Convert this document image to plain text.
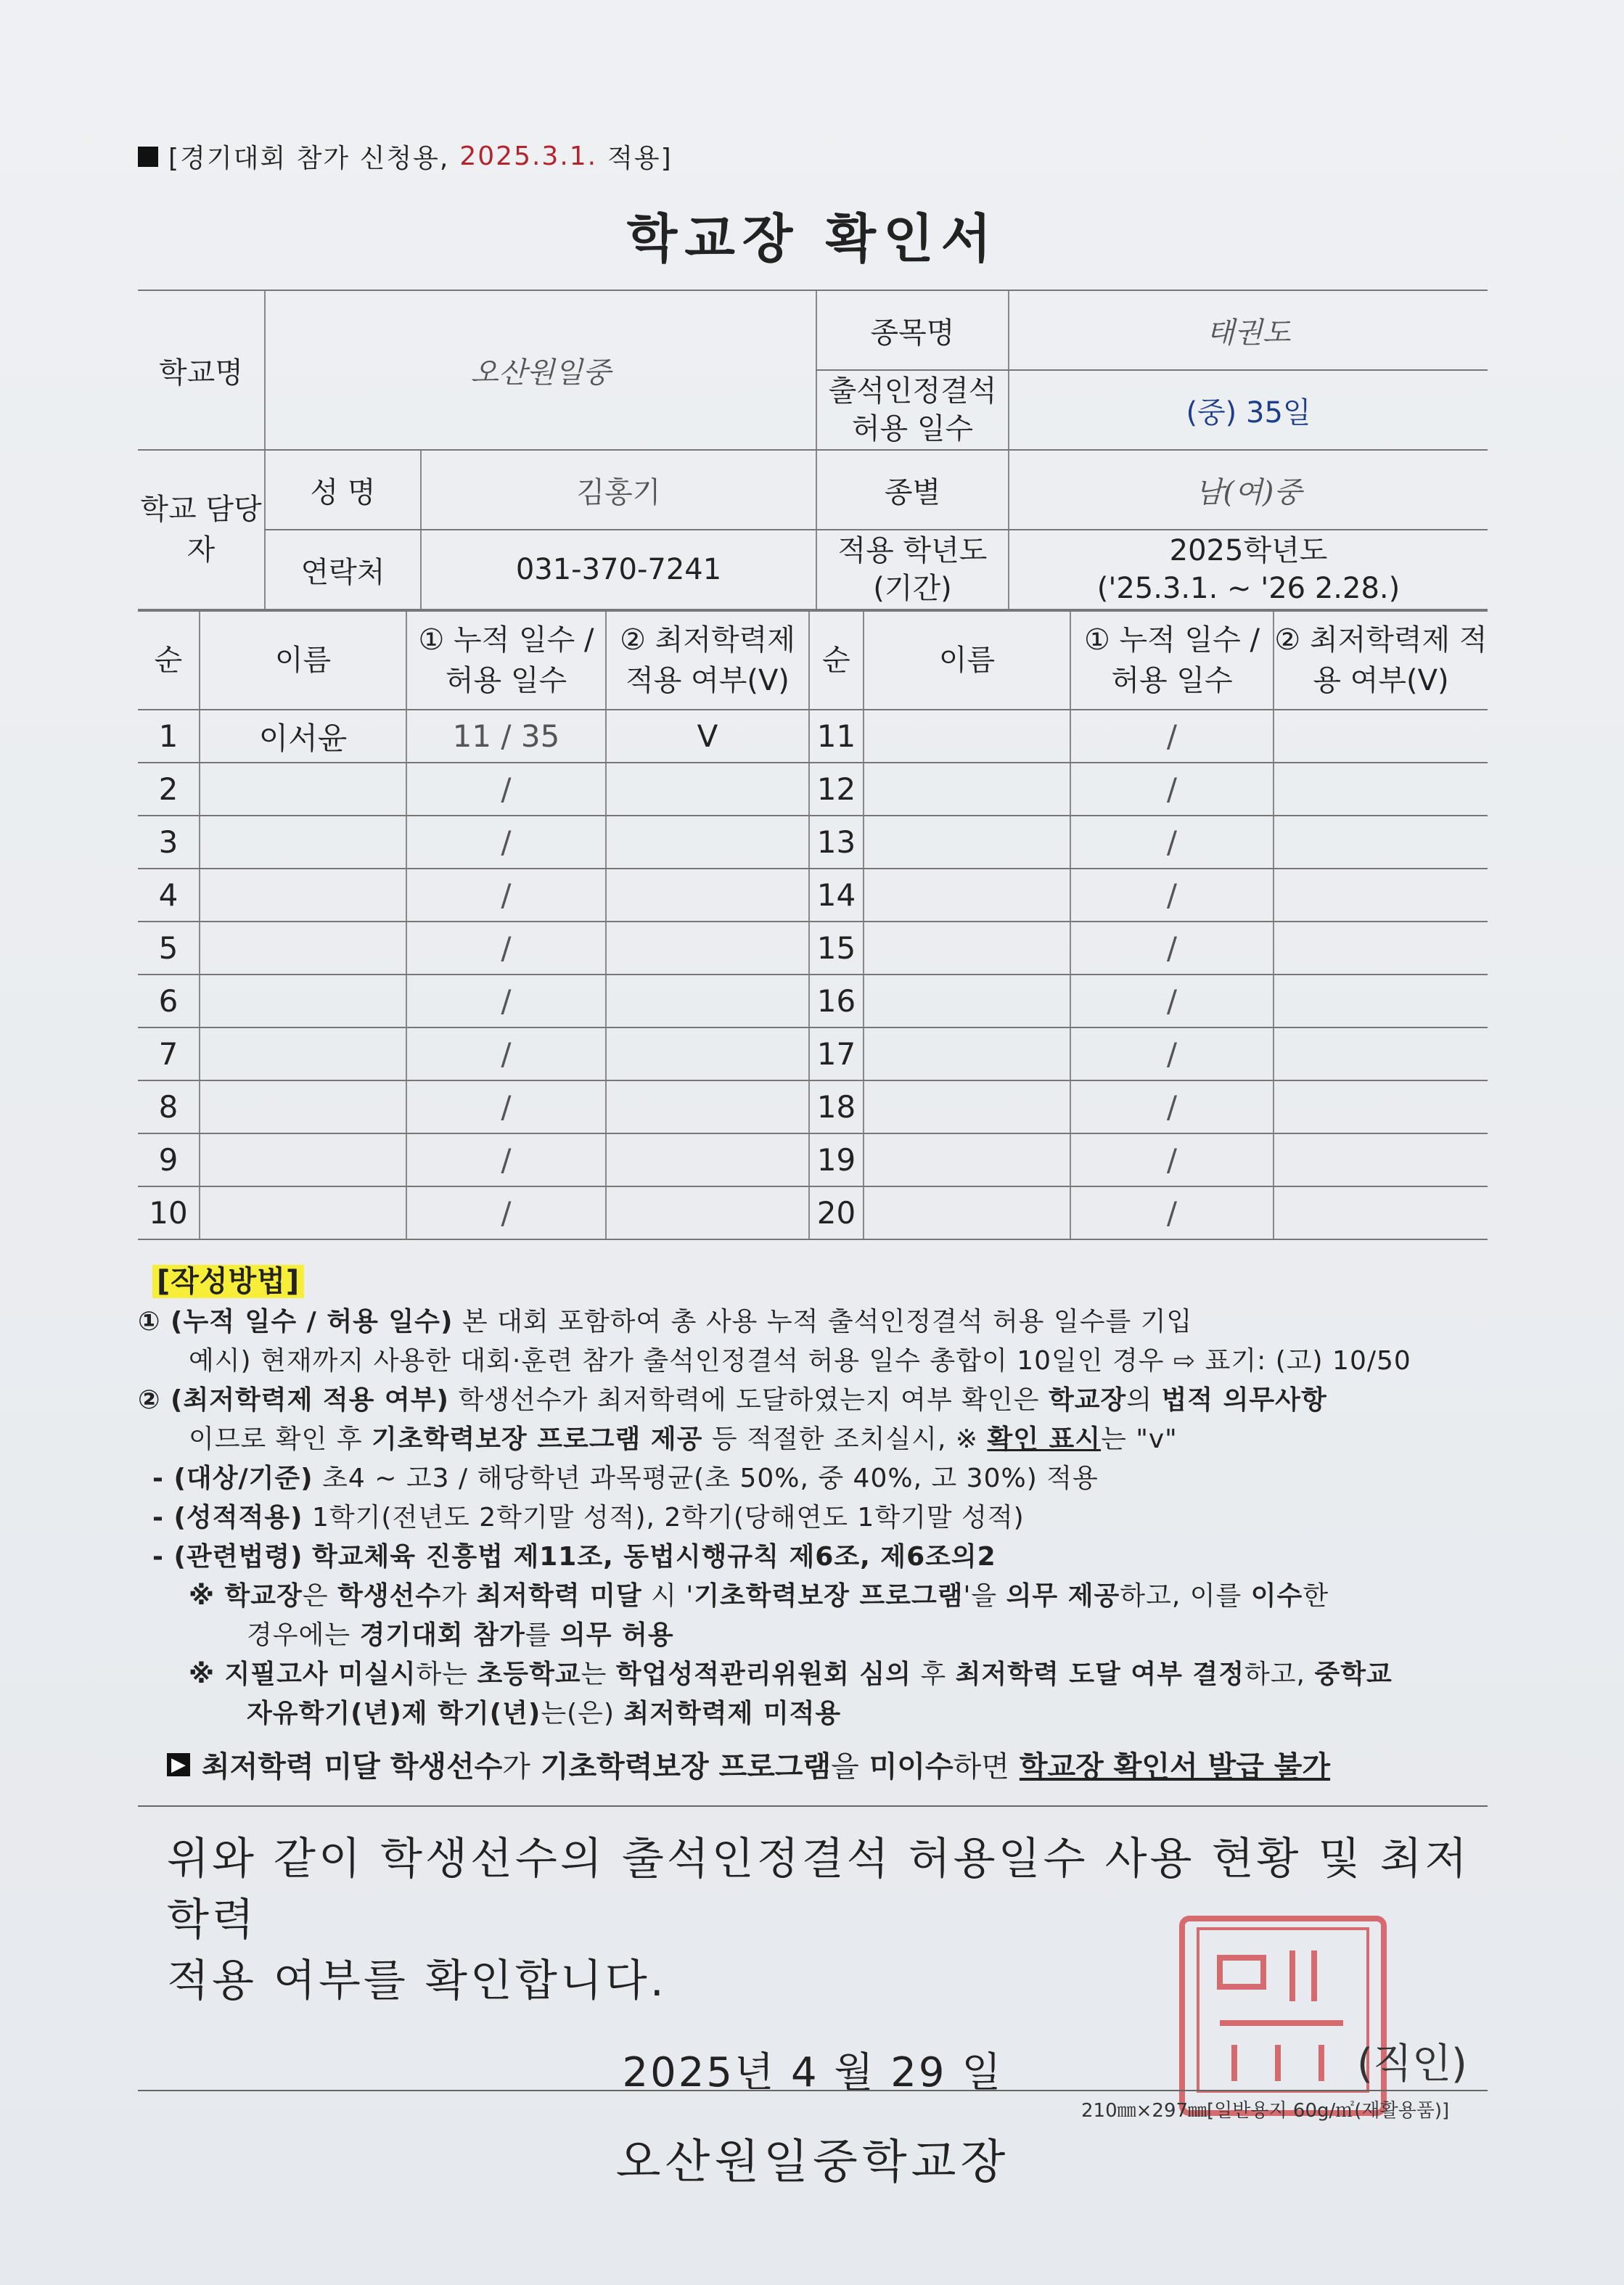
[경기대회 참가 신청용, 2025.3.1. 적용]
학교장 확인서
학교명	오산원일중		종목명	태권도
			출석인정결석 허용 일수	(중) 35일
학교 담당자	성 명	김홍기	종별	남(여)중
	연락처	031-370-7241	적용 학년도 (기간)	2025학년도
('25.3.1. ~ '26 2.28.)
순	이름	① 누적 일수 / 허용 일수	② 최저학력제 적용 여부(V)	순	이름	① 누적 일수 / 허용 일수	② 최저학력제 적용 여부(V)
1	이서윤	11 / 35	V	11		/	
2		/		12		/	
3		/		13		/	
4		/		14		/	
5		/		15		/	
6		/		16		/	
7		/		17		/	
8		/		18		/	
9		/		19		/	
10		/		20		/	
[작성방법]
① (누적 일수 / 허용 일수) 본 대회 포함하여 총 사용 누적 출석인정결석 허용 일수를 기입
예시) 현재까지 사용한 대회·훈련 참가 출석인정결석 허용 일수 총합이 10일인 경우 ⇨ 표기: (고) 10/50
② (최저학력제 적용 여부) 학생선수가 최저학력에 도달하였는지 여부 확인은 학교장의 법적 의무사항
이므로 확인 후 기초학력보장 프로그램 제공 등 적절한 조치실시, ※ 확인 표시는 "v"
- (대상/기준) 초4 ~ 고3 / 해당학년 과목평균(초 50%, 중 40%, 고 30%) 적용
- (성적적용) 1학기(전년도 2학기말 성적), 2학기(당해연도 1학기말 성적)
- (관련법령) 학교체육 진흥법 제11조, 동법시행규칙 제6조, 제6조의2
※ 학교장은 학생선수가 최저학력 미달 시 '기초학력보장 프로그램'을 의무 제공하고, 이를 이수한
경우에는 경기대회 참가를 의무 허용
※ 지필고사 미실시하는 초등학교는 학업성적관리위원회 심의 후 최저학력 도달 여부 결정하고, 중학교
자유학기(년)제 학기(년)는(은) 최저학력제 미적용
▶ 최저학력 미달 학생선수가 기초학력보장 프로그램을 미이수하면 학교장 확인서 발급 불가
위와 같이 학생선수의 출석인정결석 허용일수 사용 현황 및 최저학력
적용 여부를 확인합니다.
2025년 4 월 29 일
오산원일중학교장
(직인)
210㎜×297㎜[일반용지 60g/㎡(재활용품)]
